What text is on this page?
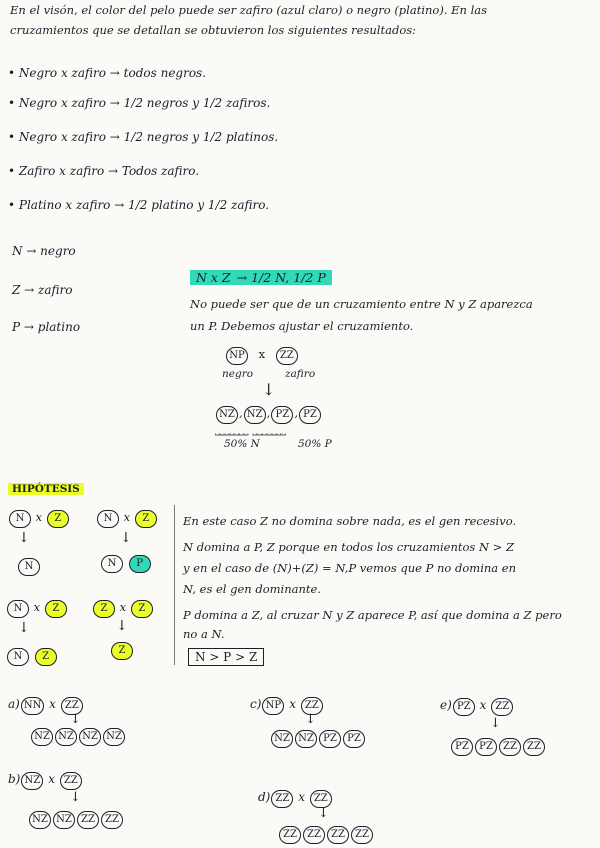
En el visón, el color del pelo puede ser zafiro (azul claro) o negro (platino). En las
cruzamientos que se detallan se obtuvieron los siguientes resultados:
• Negro x zafiro → todos negros.
• Negro x zafiro → 1/2 negros y 1/2 zafiros.
• Negro x zafiro → 1/2 negros y 1/2 platinos.
• Zafiro x zafiro → Todos zafiro.
• Platino x zafiro → 1/2 platino y 1/2 zafiro.
N → negro
Z → zafiro
P → platino
N x Z → 1/2 N, 1/2 P
No puede ser que de un cruzamiento entre N y Z aparezca
un P. Debemos ajustar el cruzamiento.
NP x ZZ
negro	zafiro
↓
NZ , NZ , PZ , PZ
⎵⎵⎵⎵⎵⎵⎵ ⎵⎵⎵⎵⎵⎵⎵
50% N	50% P
HIPÓTESIS
N x Z
↓
N
N x Z
↓
N P
N x Z
↓
N Z
Z x Z
↓
Z
En este caso Z no domina sobre nada, es el gen recesivo.
N domina a P, Z porque en todos los cruzamientos N > Z
y en el caso de (N)+(Z) = N,P vemos que P no domina en
N, es el gen dominante.
P domina a Z, al cruzar N y Z aparece P, así que domina a Z pero
no a N.
N > P > Z
a) NN x ZZ
↓
NZ NZ NZ NZ
b) NZ x ZZ
↓
NZ NZ ZZ ZZ
c) NP x ZZ
↓
NZ NZ PZ PZ
d) ZZ x ZZ
↓
ZZ ZZ ZZ ZZ
e) PZ x ZZ
↓
PZ PZ ZZ ZZ
